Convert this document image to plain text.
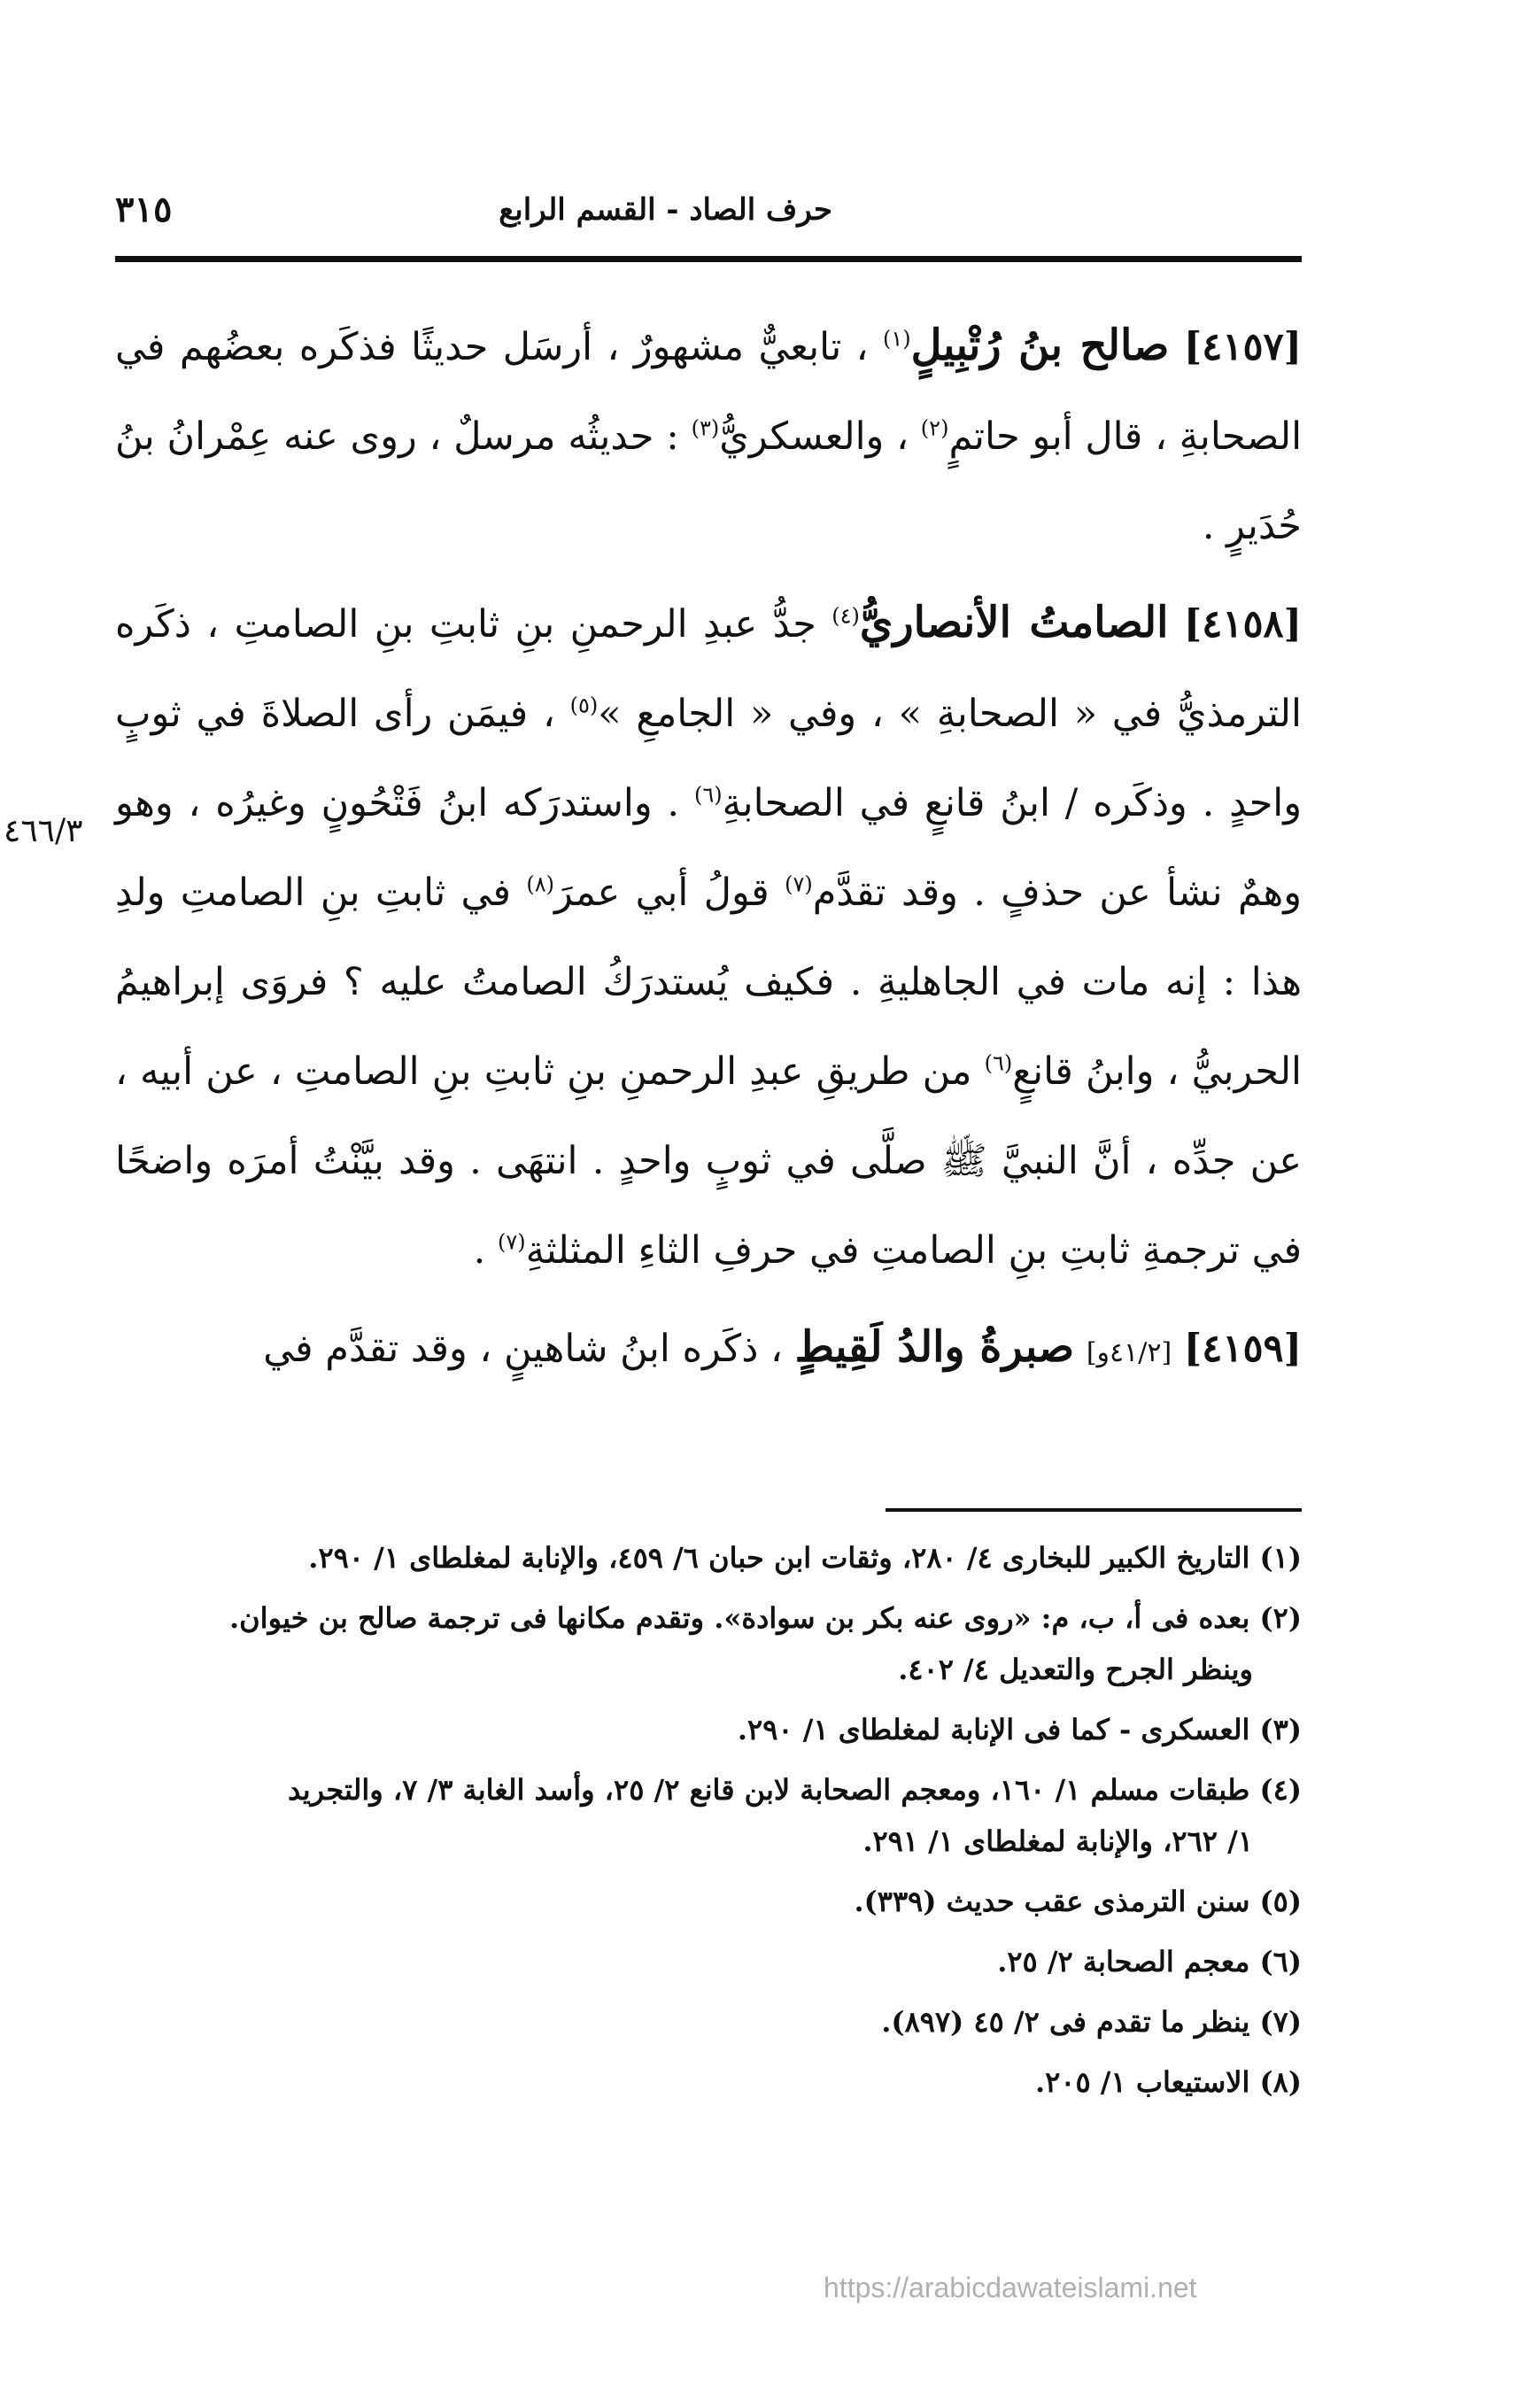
حرف الصاد - القسم الرابع
٣١٥
٤٦٦/٣

[٤١٥٧] صالح بنُ رُتْبِيلٍ$^{(١)}$ ، تابعيٌّ مشهورٌ ، أرسَل حديثًا فذكَره بعضُهم في الصحابةِ ، قال أبو حاتمٍ$^{(٢)}$ ، والعسكريُّ$^{(٣)}$ : حديثُه مرسلٌ ، روى عنه عِمْرانُ بنُ حُدَيرٍ .

[٤١٥٨] الصامتُ الأنصاريُّ$^{(٤)}$ جدُّ عبدِ الرحمنِ بنِ ثابتِ بنِ الصامتِ ، ذكَره الترمذيُّ في « الصحابةِ » ، وفي « الجامعِ »$^{(٥)}$ ، فيمَن رأى الصلاةَ في ثوبٍ واحدٍ . وذكَره / ابنُ قانعٍ في الصحابةِ$^{(٦)}$ . واستدرَكه ابنُ فَتْحُونٍ وغيرُه ، وهو وهمٌ نشأ عن حذفٍ . وقد تقدَّم$^{(٧)}$ قولُ أبي عمرَ$^{(٨)}$ في ثابتِ بنِ الصامتِ ولدِ هذا : إنه مات في الجاهليةِ . فكيف يُستدرَكُ الصامتُ عليه ؟ فروَى إبراهيمُ الحربيُّ ، وابنُ قانعٍ$^{(٦)}$ من طريقِ عبدِ الرحمنِ بنِ ثابتِ بنِ الصامتِ ، عن أبيه ، عن جدِّه ، أنَّ النبيَّ ﷺ صلَّى في ثوبٍ واحدٍ . انتهَى . وقد بيَّنْتُ أمرَه واضحًا في ترجمةِ ثابتِ بنِ الصامتِ في حرفِ الثاءِ المثلثةِ$^{(٧)}$ .

[٤١٥٩] [٤١/٢و] صبرةُ والدُ لَقِيطٍ ، ذكَره ابنُ شاهينٍ ، وقد تقدَّم في

(١) التاريخ الكبير للبخارى ٤/ ٢٨٠، وثقات ابن حبان ٦/ ٤٥٩، والإنابة لمغلطاى ١/ ٢٩٠.
(٢) بعده فى أ، ب، م: «روى عنه بكر بن سوادة». وتقدم مكانها فى ترجمة صالح بن خيوان.
وينظر الجرح والتعديل ٤/ ٤٠٢.
(٣) العسكرى - كما فى الإنابة لمغلطاى ١/ ٢٩٠.
(٤) طبقات مسلم ١/ ١٦٠، ومعجم الصحابة لابن قانع ٢/ ٢٥، وأسد الغابة ٣/ ٧، والتجريد
١/ ٢٦٢، والإنابة لمغلطاى ١/ ٢٩١.
(٥) سنن الترمذى عقب حديث (٣٣٩).
(٦) معجم الصحابة ٢/ ٢٥.
(٧) ينظر ما تقدم فى ٢/ ٤٥ (٨٩٧).
(٨) الاستيعاب ١/ ٢٠٥.
https://arabicdawateislami.net
